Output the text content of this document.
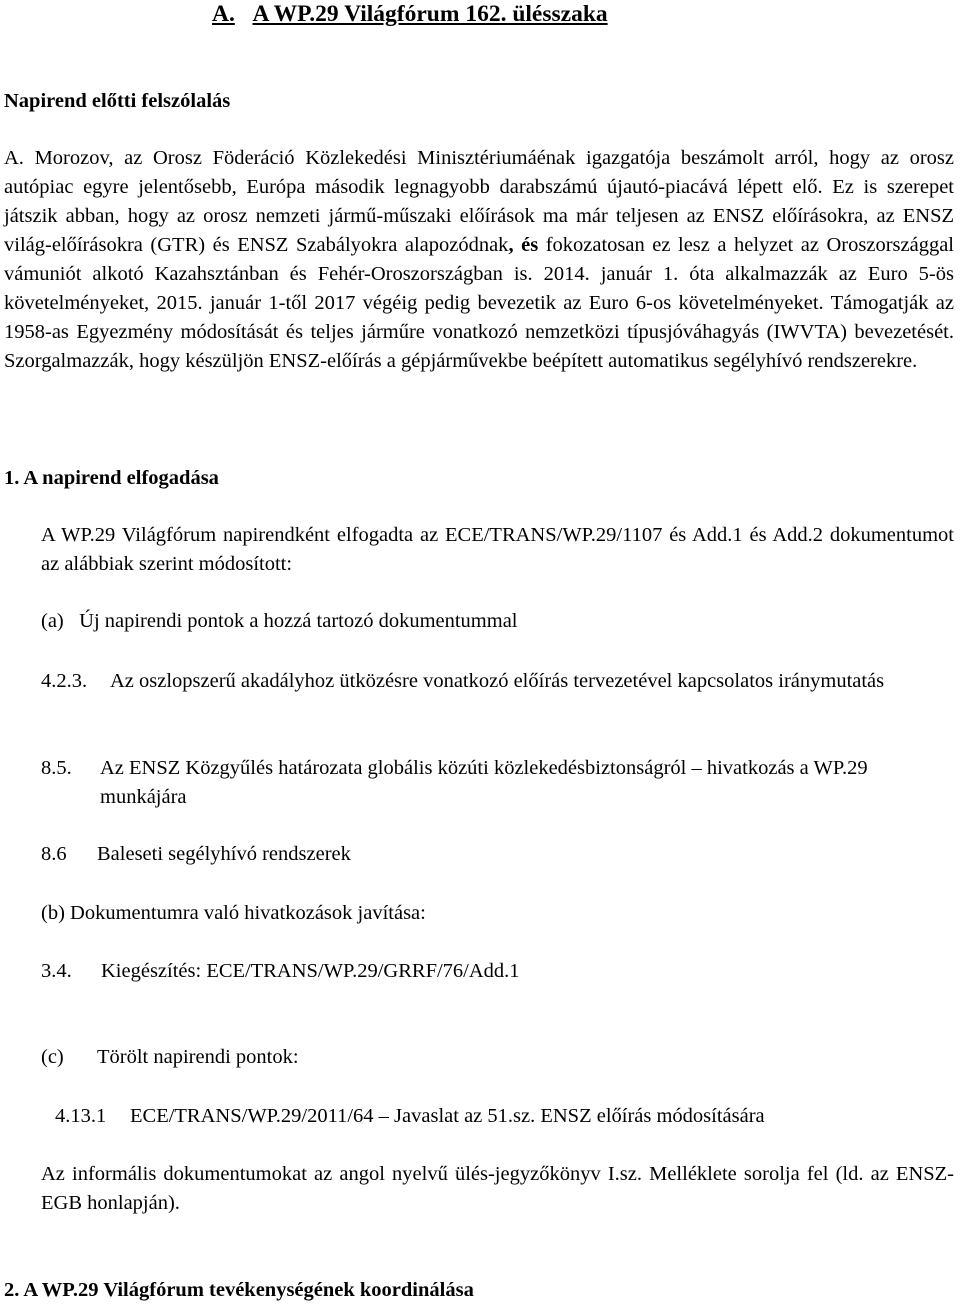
A. A WP.29 Világfórum 162. ülésszaka

Napirend előtti felszólalás

A. Morozov, az Orosz Föderáció Közlekedési Minisztériumáénak igazgatója beszámolt arról, hogy az orosz autópiac egyre jelentősebb, Európa második legnagyobb darabszámú újautó-piacává lépett elő. Ez is szerepet játszik abban, hogy az orosz nemzeti jármű-műszaki előírások ma már teljesen az ENSZ előírásokra, az ENSZ világ-előírásokra (GTR) és ENSZ Szabályokra alapozódnak, és fokozatosan ez lesz a helyzet az Oroszországgal vámuniót alkotó Kazahsztánban és Fehér-Oroszországban is. 2014. január 1. óta alkalmazzák az Euro 5-ös követelményeket, 2015. január 1-től 2017 végéig pedig bevezetik az Euro 6-os követelményeket. Támogatják az 1958-as Egyezmény módosítását és teljes járműre vonatkozó nemzetközi típusjóváhagyás (IWVTA) bevezetését. Szorgalmazzák, hogy készüljön ENSZ-előírás a gépjárművekbe beépített automatikus segélyhívó rendszerekre.

1. A napirend elfogadása

A WP.29 Világfórum napirendként elfogadta az ECE/TRANS/WP.29/1107 és Add.1 és Add.2 dokumentumot az alábbiak szerint módosított:

(a) Új napirendi pontok a hozzá tartozó dokumentummal

4.2.3. Az oszlopszerű akadályhoz ütközésre vonatkozó előírás tervezetével kapcsolatos iránymutatás

8.5. Az ENSZ Közgyűlés határozata globális közúti közlekedésbiztonságról – hivatkozás a WP.29 munkájára

8.6 Baleseti segélyhívó rendszerek

(b) Dokumentumra való hivatkozások javítása:

3.4. Kiegészítés: ECE/TRANS/WP.29/GRRF/76/Add.1

(c) Törölt napirendi pontok:

4.13.1 ECE/TRANS/WP.29/2011/64 – Javaslat az 51.sz. ENSZ előírás módosítására

Az informális dokumentumokat az angol nyelvű ülés-jegyzőkönyv I.sz. Melléklete sorolja fel (ld. az ENSZ-EGB honlapján).

2. A WP.29 Világfórum tevékenységének koordinálása
